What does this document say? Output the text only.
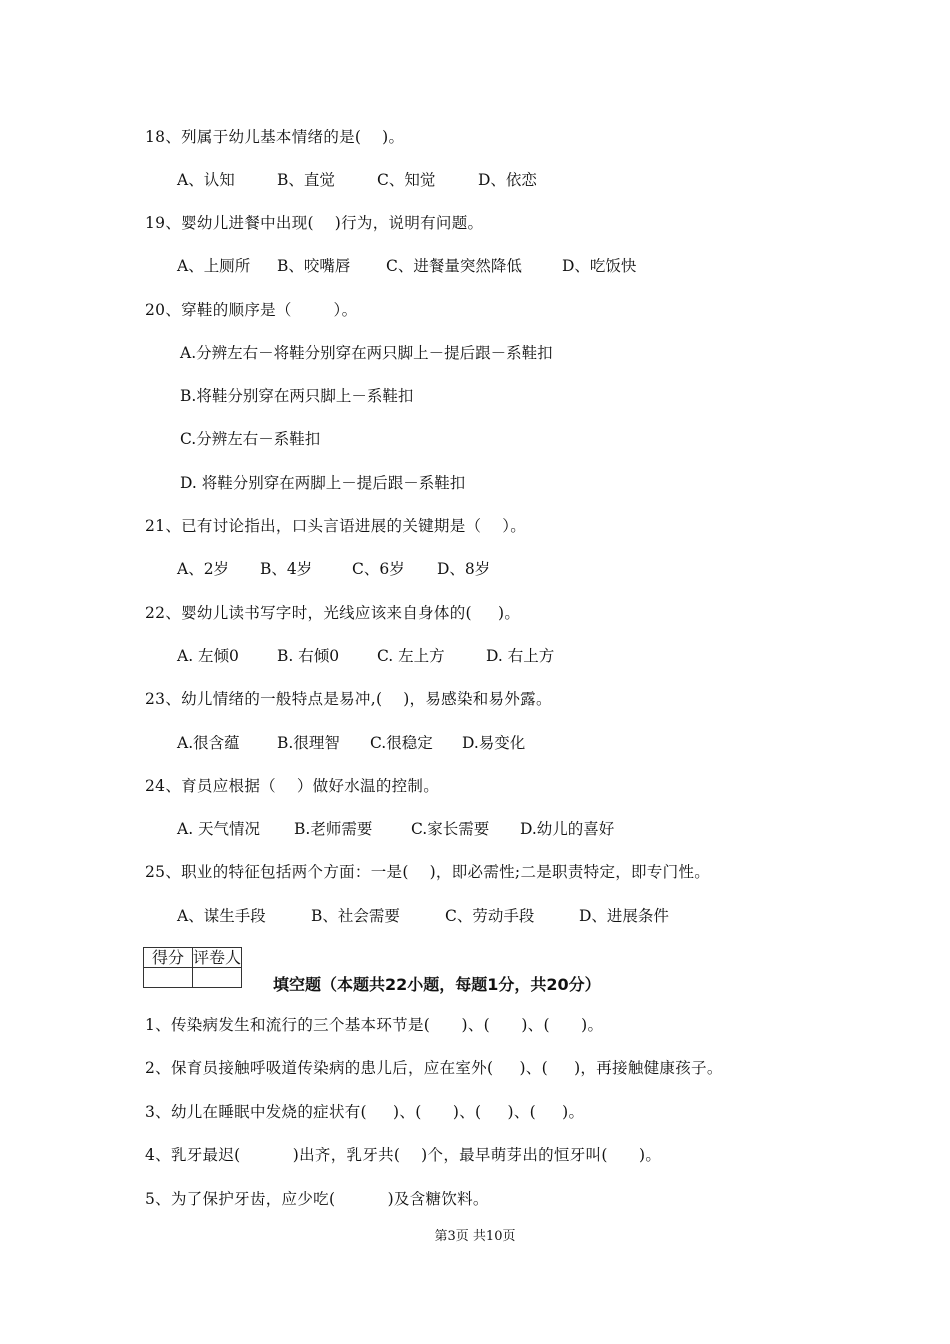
18、列属于幼儿基本情绪的是(    )。
A、认知	B、直觉	C、知觉	D、依恋
19、婴幼儿进餐中出现(    )行为，说明有问题。
A、上厕所 B、咬嘴唇 C、进餐量突然降低	D、吃饭快
20、穿鞋的顺序是（        ）。
A.分辨左右－将鞋分别穿在两只脚上－提后跟－系鞋扣
B.将鞋分别穿在两只脚上－系鞋扣
C.分辨左右－系鞋扣
D. 将鞋分别穿在两脚上－提后跟－系鞋扣
21、已有讨论指出，口头言语进展的关键期是（    ）。
A、2岁 B、4岁	C、6岁 D、8岁
22、婴幼儿读书写字时，光线应该来自身体的(     )。
A. 左倾0 B. 右倾0 C. 左上方	D. 右上方
23、幼儿情绪的一般特点是易冲,(    )，易感染和易外露。
A.很含蕴 B.很理智 C.很稳定 D.易变化
24、育员应根据（    ）做好水温的控制。
A. 天气情况 B.老师需要 C.家长需要 D.幼儿的喜好
25、职业的特征包括两个方面：一是(    )，即必需性;二是职责特定，即专门性。
A、谋生手段	B、社会需要	C、劳动手段	D、进展条件
得分	评卷人

填空题（本题共22小题，每题1分，共20分）
1、传染病发生和流行的三个基本环节是(      )、(      )、(      )。
2、保育员接触呼吸道传染病的患儿后，应在室外(     )、(     )，再接触健康孩子。
3、幼儿在睡眠中发烧的症状有(     )、(      )、(     )、(     )。
4、乳牙最迟(          )出齐，乳牙共(    )个，最早萌芽出的恒牙叫(      )。
5、为了保护牙齿，应少吃(          )及含糖饮料。
第3页 共10页
